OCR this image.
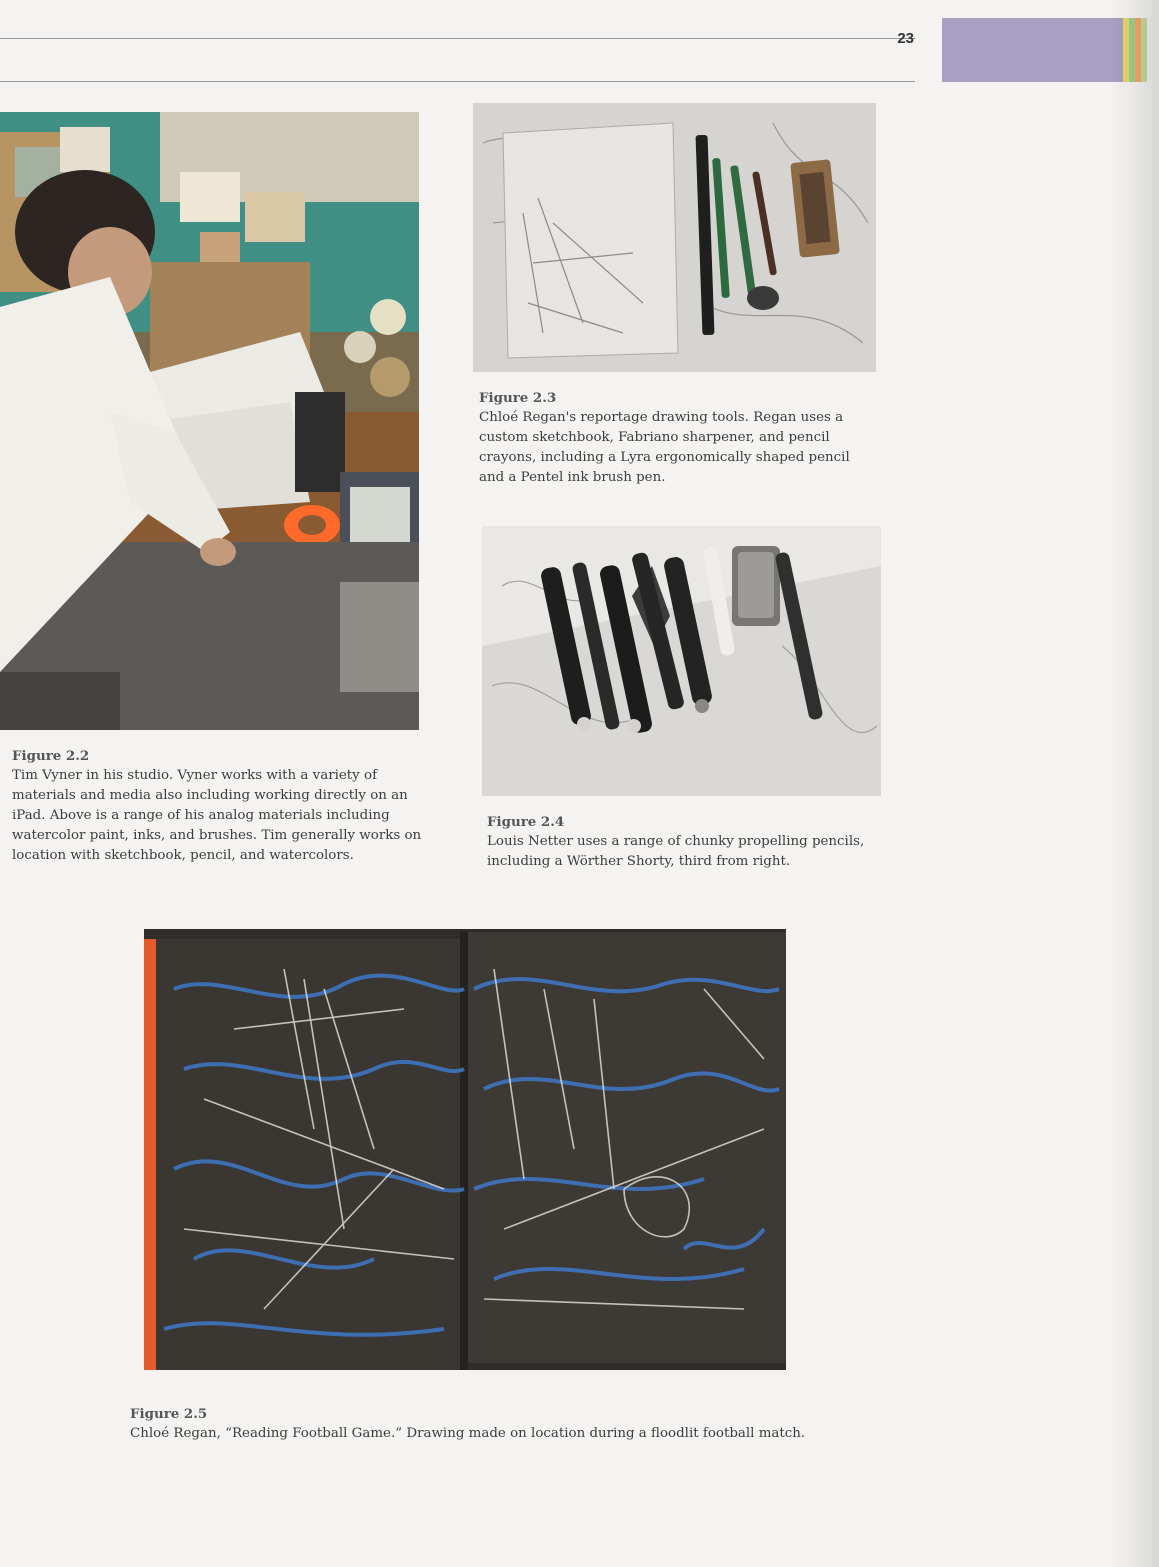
23
Figure 2.2
Tim Vyner in his studio. Vyner works with a variety of materials and media also including working directly on an iPad. Above is a range of his analog materials including watercolor paint, inks, and brushes. Tim generally works on location with sketchbook, pencil, and watercolors.
Figure 2.3
Chloé Regan's reportage drawing tools. Regan uses a custom sketchbook, Fabriano sharpener, and pencil crayons, including a Lyra ergonomically shaped pencil and a Pentel ink brush pen.
Figure 2.4
Louis Netter uses a range of chunky propelling pencils, including a Wörther Shorty, third from right.
Figure 2.5
Chloé Regan, “Reading Football Game.” Drawing made on location during a floodlit football match.
